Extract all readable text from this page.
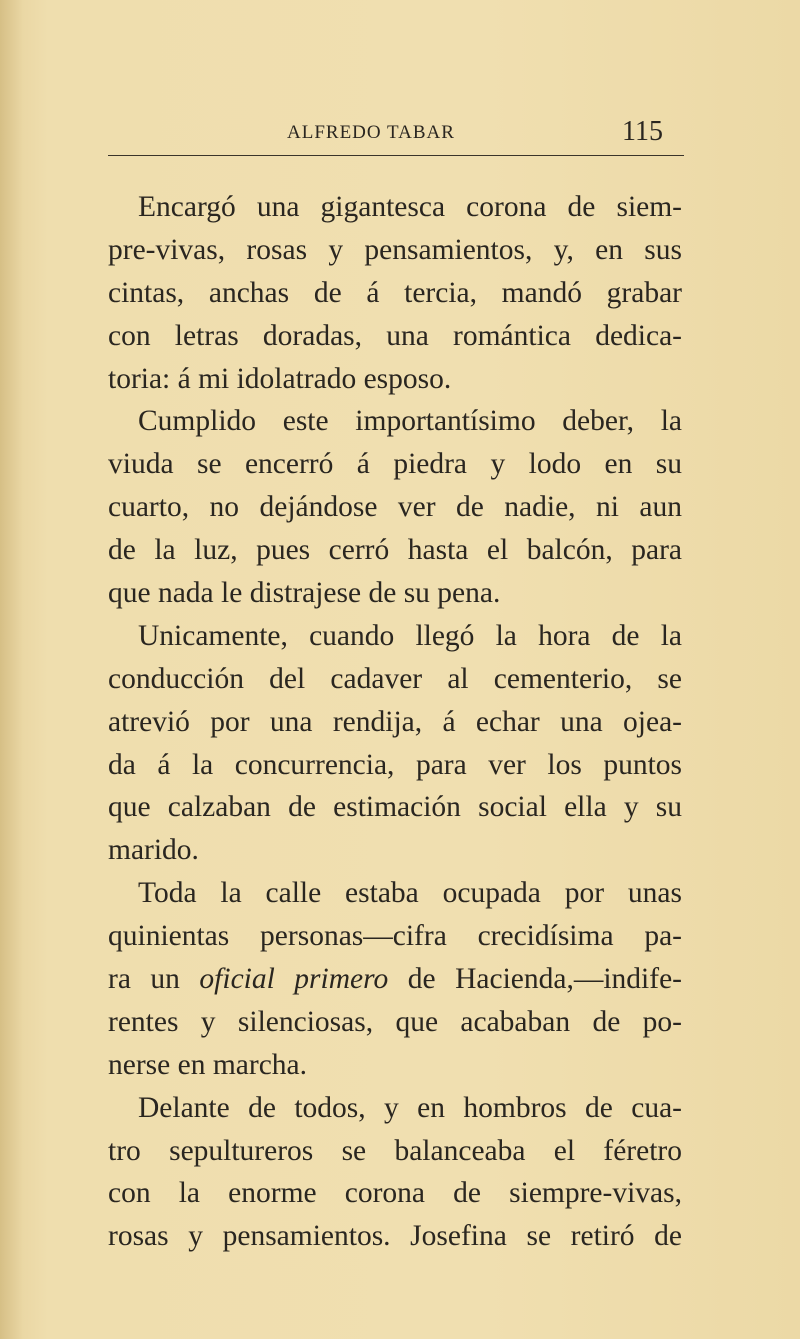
ALFREDO TABAR	115
Encargó una gigantesca corona de siem-
pre-vivas, rosas y pensamientos, y, en sus
cintas, anchas de á tercia, mandó grabar
con letras doradas, una romántica dedica-
toria: á mi idolatrado esposo.
Cumplido este importantísimo deber, la
viuda se encerró á piedra y lodo en su
cuarto, no dejándose ver de nadie, ni aun
de la luz, pues cerró hasta el balcón, para
que nada le distrajese de su pena.
Unicamente, cuando llegó la hora de la
conducción del cadaver al cementerio, se
atrevió por una rendija, á echar una ojea-
da á la concurrencia, para ver los puntos
que calzaban de estimación social ella y su
marido.
Toda la calle estaba ocupada por unas
quinientas personas—cifra crecidísima pa-
ra un oficial primero de Hacienda,—indife-
rentes y silenciosas, que acababan de po-
nerse en marcha.
Delante de todos, y en hombros de cua-
tro sepultureros se balanceaba el féretro
con la enorme corona de siempre-vivas,
rosas y pensamientos. Josefina se retiró de
